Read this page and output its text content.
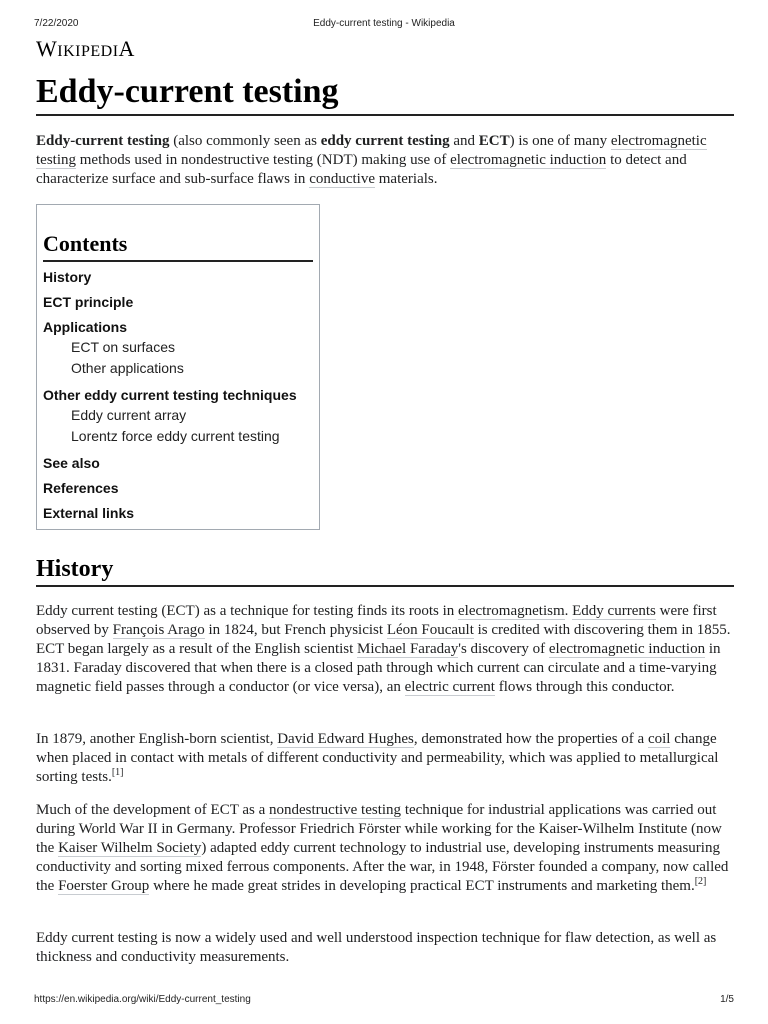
7/22/2020	Eddy-current testing - Wikipedia
WIKIPEDIA
Eddy-current testing

Eddy-current testing (also commonly seen as eddy current testing and ECT) is one of many electromagnetic testing methods used in nondestructive testing (NDT) making use of electromagnetic induction to detect and characterize surface and sub-surface flaws in conductive materials.

Contents
History
ECT principle
Applications
ECT on surfaces
Other applications
Other eddy current testing techniques
Eddy current array
Lorentz force eddy current testing
See also
References
External links
History

Eddy current testing (ECT) as a technique for testing finds its roots in electromagnetism. Eddy currents were first observed by François Arago in 1824, but French physicist Léon Foucault is credited with discovering them in 1855. ECT began largely as a result of the English scientist Michael Faraday's discovery of electromagnetic induction in 1831. Faraday discovered that when there is a closed path through which current can circulate and a time-varying magnetic field passes through a conductor (or vice versa), an electric current flows through this conductor.

In 1879, another English-born scientist, David Edward Hughes, demonstrated how the properties of a coil change when placed in contact with metals of different conductivity and permeability, which was applied to metallurgical sorting tests.[1]

Much of the development of ECT as a nondestructive testing technique for industrial applications was carried out during World War II in Germany. Professor Friedrich Förster while working for the Kaiser-Wilhelm Institute (now the Kaiser Wilhelm Society) adapted eddy current technology to industrial use, developing instruments measuring conductivity and sorting mixed ferrous components. After the war, in 1948, Förster founded a company, now called the Foerster Group where he made great strides in developing practical ECT instruments and marketing them.[2]

Eddy current testing is now a widely used and well understood inspection technique for flaw detection, as well as thickness and conductivity measurements.

https://en.wikipedia.org/wiki/Eddy-current_testing	1/5
